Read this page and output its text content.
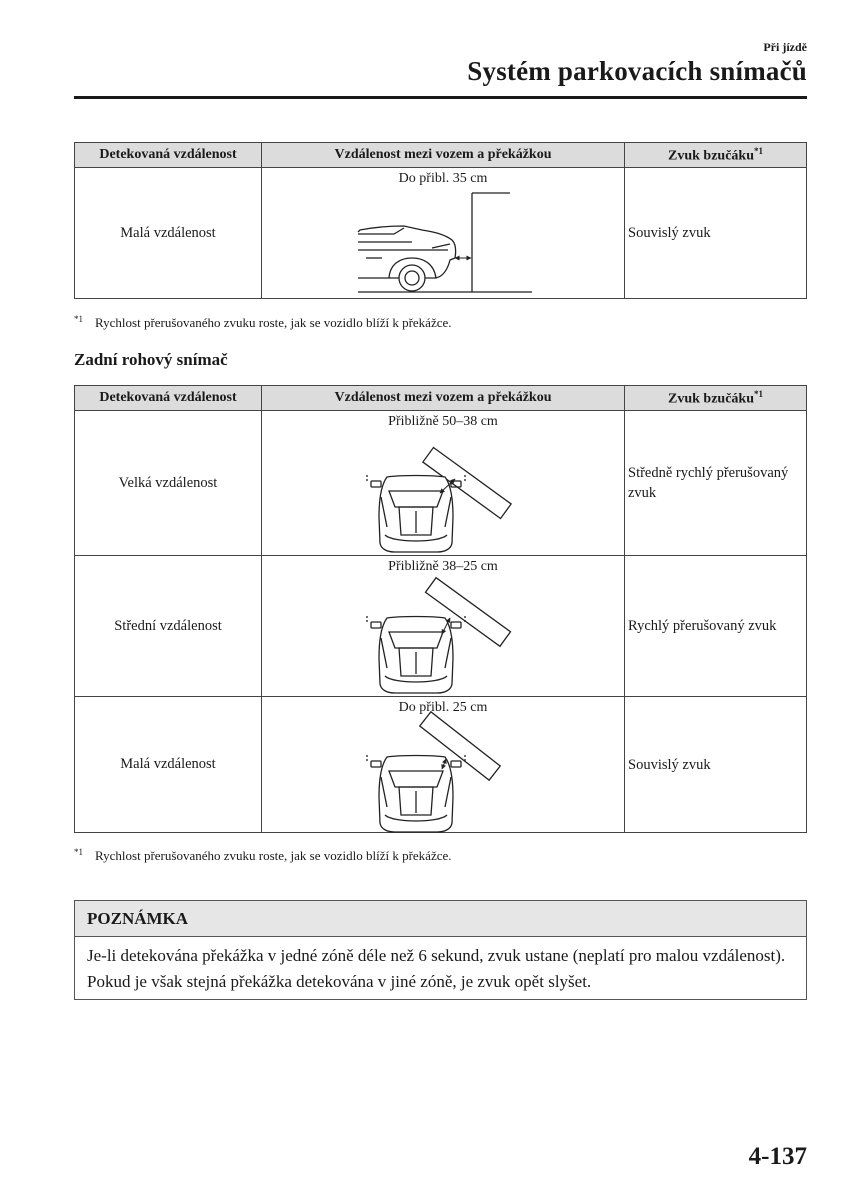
Při jízdě
Systém parkovacích snímačů
Detekovaná vzdálenost	Vzdálenost mezi vozem a překážkou	Zvuk bzučáku$^{*1}$
Malá vzdálenost	Do přibl. 35 cm	Souvislý zvuk
$^{*1}$ Rychlost přerušovaného zvuku roste, jak se vozidlo blíží k překážce.
Zadní rohový snímač
Detekovaná vzdálenost	Vzdálenost mezi vozem a překážkou	Zvuk bzučáku$^{*1}$
Velká vzdálenost	Přibližně 50–38 cm	Středně rychlý přerušovaný zvuk
Střední vzdálenost	Přibližně 38–25 cm	Rychlý přerušovaný zvuk
Malá vzdálenost	Do přibl. 25 cm	Souvislý zvuk
$^{*1}$ Rychlost přerušovaného zvuku roste, jak se vozidlo blíží k překážce.
POZNÁMKA
Je-li detekována překážka v jedné zóně déle než 6 sekund, zvuk ustane (neplatí pro malou vzdálenost). Pokud je však stejná překážka detekována v jiné zóně, je zvuk opět slyšet.
4-137
